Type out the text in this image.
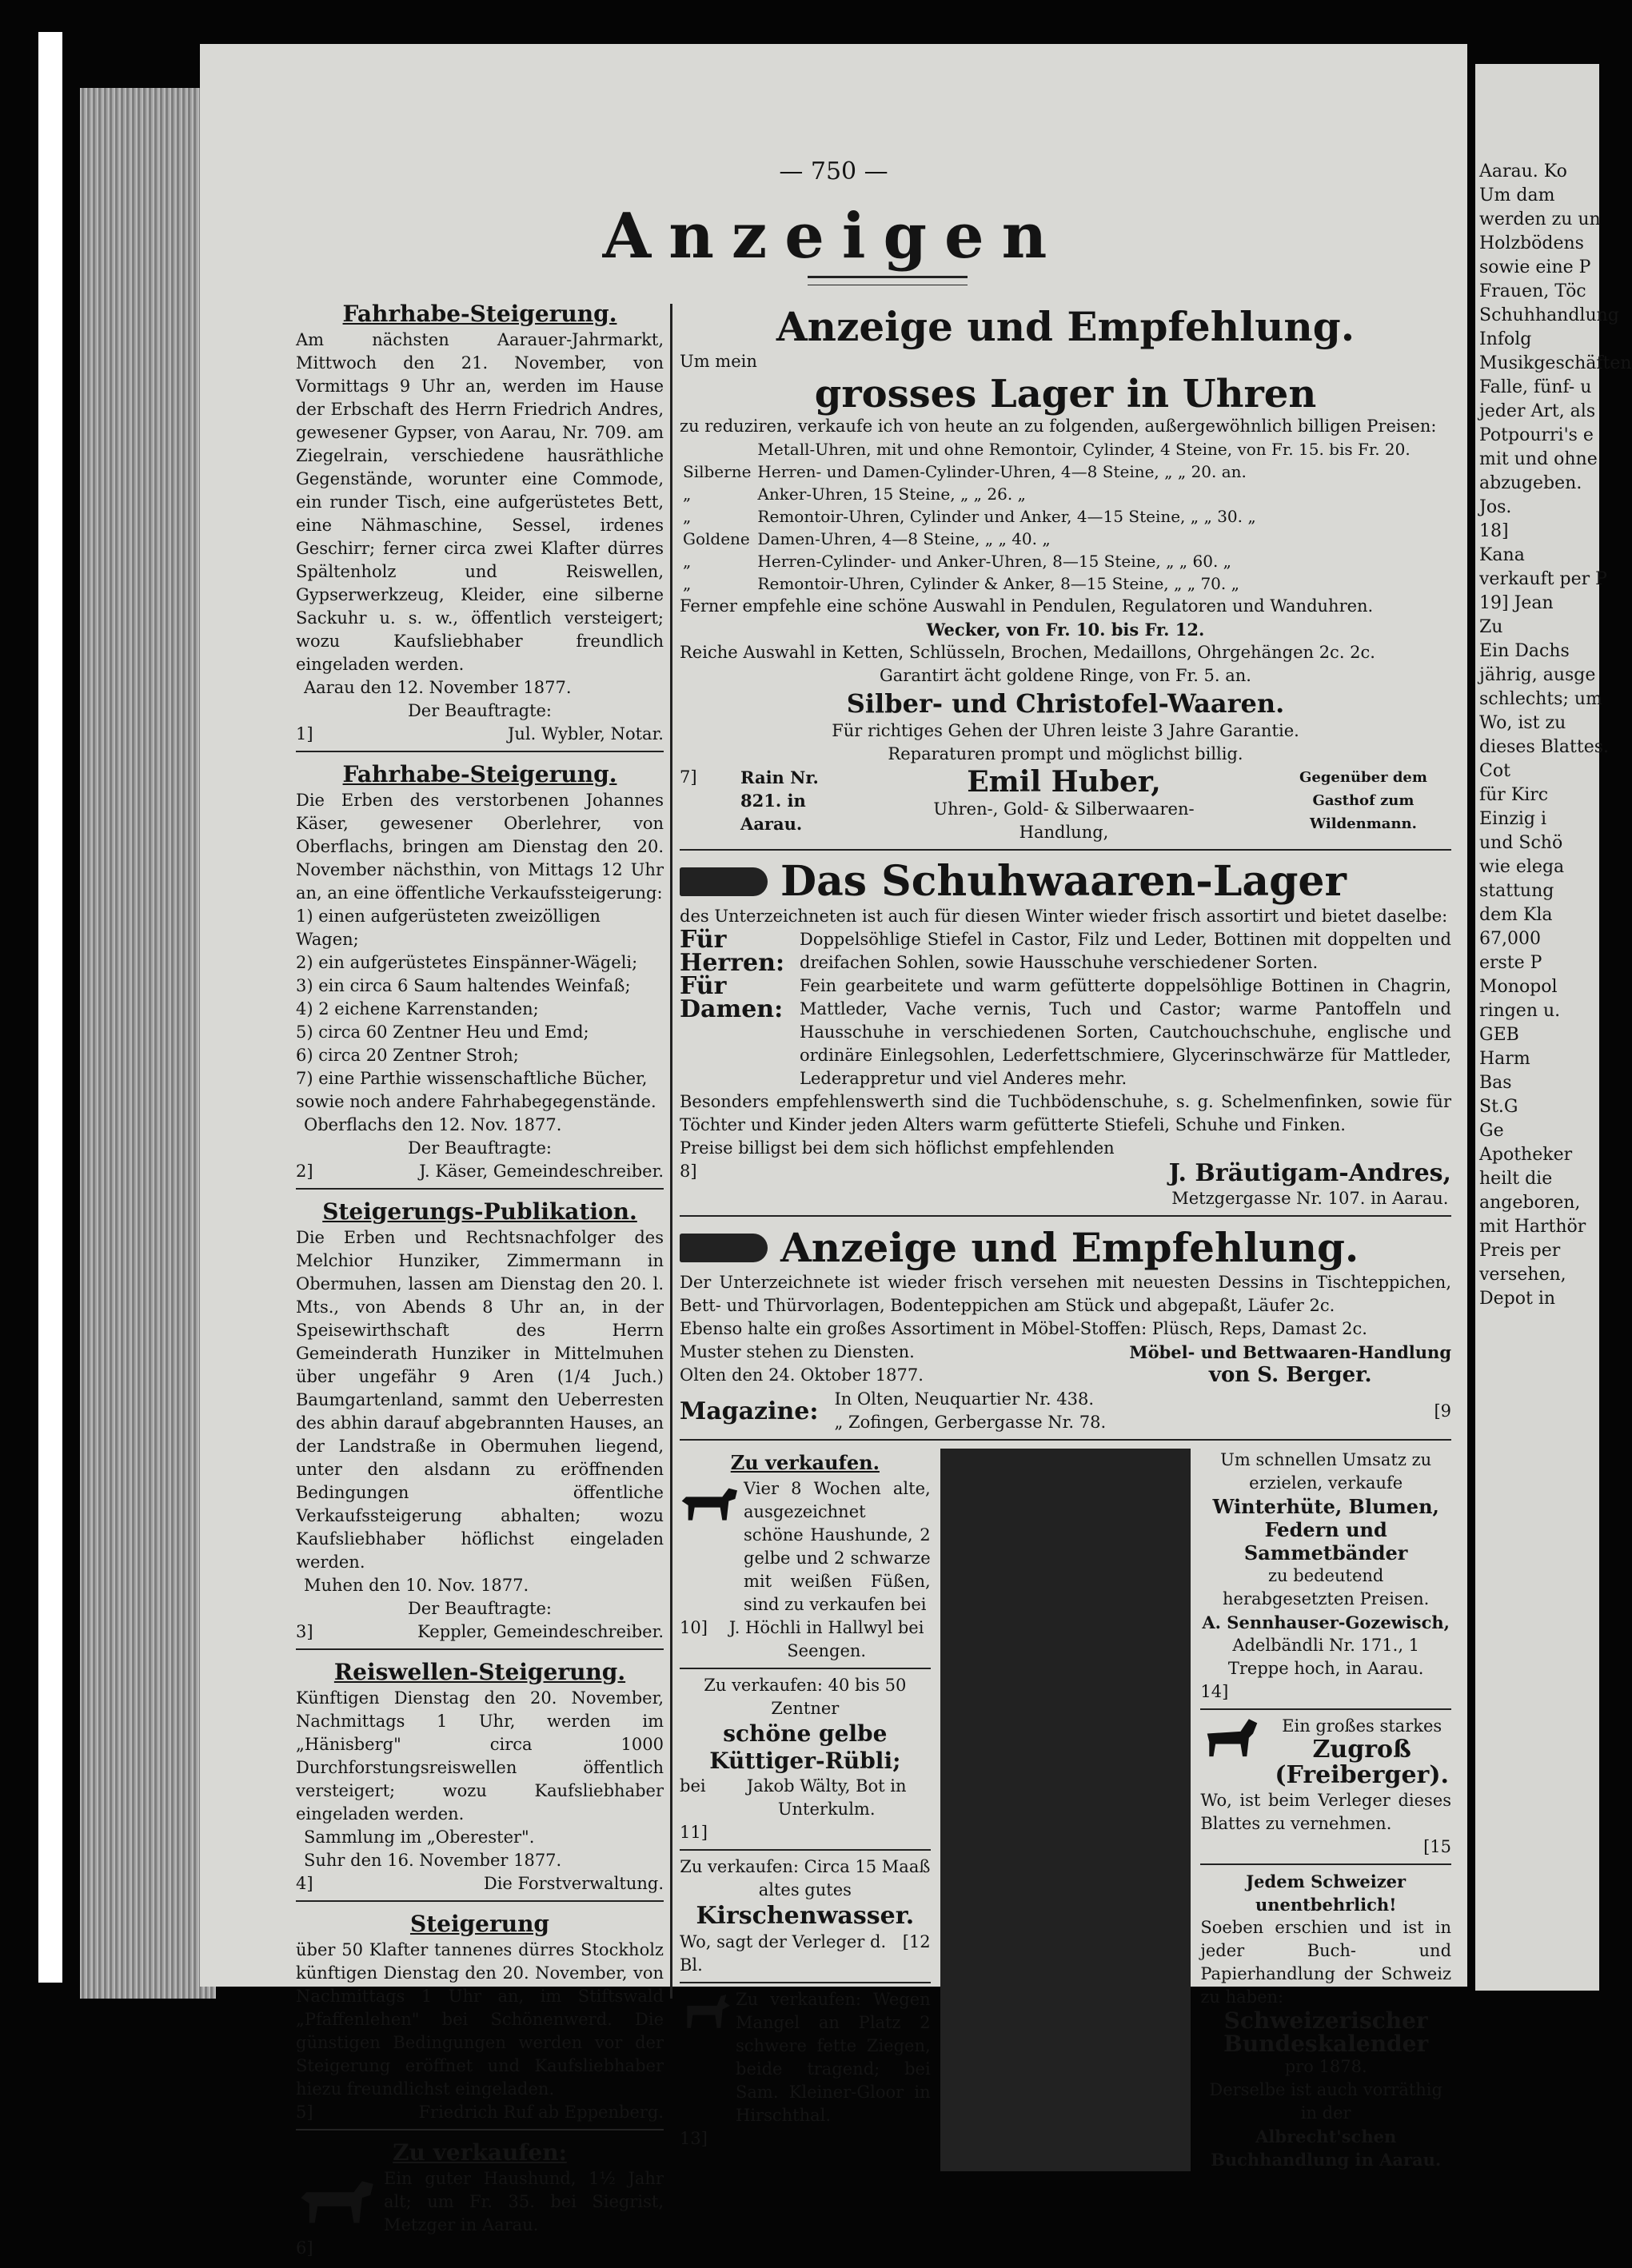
— 750 —
Anzeigen
Fahrhabe-Steigerung.

Am nächsten Aarauer-Jahrmarkt, Mittwoch den 21. November, von Vormittags 9 Uhr an, werden im Hause der Erbschaft des Herrn Friedrich Andres, gewesener Gypser, von Aarau, Nr. 709. am Ziegelrain, verschiedene hausräthliche Gegenstände, worunter eine Commode, ein runder Tisch, eine aufgerüstetes Bett, eine Nähmaschine, Sessel, irdenes Geschirr; ferner circa zwei Klafter dürres Spältenholz und Reiswellen, Gypserwerkzeug, Kleider, eine silberne Sackuhr u. s. w., öffentlich versteigert; wozu Kaufsliebhaber freundlich eingeladen werden.

Aarau den 12. November 1877.
Der Beauftragte:
1]	Jul. Wybler, Notar.
Fahrhabe-Steigerung.

Die Erben des verstorbenen Johannes Käser, gewesener Oberlehrer, von Oberflachs, bringen am Dienstag den 20. November nächsthin, von Mittags 12 Uhr an, an eine öffentliche Verkaufssteigerung:

1) einen aufgerüsteten zweizölligen Wagen;
2) ein aufgerüstetes Einspänner-Wägeli;
3) ein circa 6 Saum haltendes Weinfaß;
4) 2 eichene Karrenstanden;
5) circa 60 Zentner Heu und Emd;
6) circa 20 Zentner Stroh;
7) eine Parthie wissenschaftliche Bücher, sowie noch andere Fahrhabegegenstände.
Oberflachs den 12. Nov. 1877.
Der Beauftragte:
2]	J. Käser, Gemeindeschreiber.
Steigerungs-Publikation.

Die Erben und Rechtsnachfolger des Melchior Hunziker, Zimmermann in Obermuhen, lassen am Dienstag den 20. l. Mts., von Abends 8 Uhr an, in der Speisewirthschaft des Herrn Gemeinderath Hunziker in Mittelmuhen über ungefähr 9 Aren (1/4 Juch.) Baumgartenland, sammt den Ueberresten des abhin darauf abgebrannten Hauses, an der Landstraße in Obermuhen liegend, unter den alsdann zu eröffnenden Bedingungen öffentliche Verkaufssteigerung abhalten; wozu Kaufsliebhaber höflichst eingeladen werden.

Muhen den 10. Nov. 1877.
Der Beauftragte:
3]	Keppler, Gemeindeschreiber.
Reiswellen-Steigerung.

Künftigen Dienstag den 20. November, Nachmittags 1 Uhr, werden im „Hänisberg" circa 1000 Durchforstungsreiswellen öffentlich versteigert; wozu Kaufsliebhaber eingeladen werden.

Sammlung im „Oberester".
Suhr den 16. November 1877.
4]	Die Forstverwaltung.
Steigerung

über 50 Klafter tannenes dürres Stockholz künftigen Dienstag den 20. November, von Nachmittags 1 Uhr an, im Stiftswald „Pfaffenlehen" bei Schönenwerd. Die günstigen Bedingungen werden vor der Steigerung eröffnet und Kaufsliebhaber hiezu freundlichst eingeladen.

5]	Friedrich Ruf ab Eppenberg.
Zu verkaufen:

Ein guter Haushund, 1½ Jahr alt; um Fr. 35. bei Siegrist, Metzger in Aarau.

6]
Anzeige und Empfehlung.
Um mein
grosses Lager in Uhren
zu reduziren, verkaufe ich von heute an zu folgenden, außergewöhnlich billigen Preisen:
	Metall-Uhren, mit und ohne Remontoir, Cylinder, 4 Steine, von Fr. 15. bis Fr. 20.
Silberne	Herren- und Damen-Cylinder-Uhren, 4—8 Steine, „ „ 20. an.
„	Anker-Uhren, 15 Steine, „ „ 26. „
„	Remontoir-Uhren, Cylinder und Anker, 4—15 Steine, „ „ 30. „
Goldene	Damen-Uhren, 4—8 Steine, „ „ 40. „
„	Herren-Cylinder- und Anker-Uhren, 8—15 Steine, „ „ 60. „
„	Remontoir-Uhren, Cylinder & Anker, 8—15 Steine, „ „ 70. „
Ferner empfehle eine schöne Auswahl in Pendulen, Regulatoren und Wanduhren.
Wecker, von Fr. 10. bis Fr. 12.
Reiche Auswahl in Ketten, Schlüsseln, Brochen, Medaillons, Ohrgehängen 2c. 2c.
Garantirt ächt goldene Ringe, von Fr. 5. an.
Silber- und Christofel-Waaren.
Für richtiges Gehen der Uhren leiste 3 Jahre Garantie.
Reparaturen prompt und möglichst billig.
7]	Rain Nr. 821. in Aarau.
Emil Huber,
Uhren-, Gold- & Silberwaaren-Handlung,
Gegenüber dem Gasthof zum Wildenmann.
Das Schuhwaaren-Lager
des Unterzeichneten ist auch für diesen Winter wieder frisch assortirt und bietet daselbe:
Für Herren:

Doppelsöhlige Stiefel in Castor, Filz und Leder, Bottinen mit doppelten und dreifachen Sohlen, sowie Hausschuhe verschiedener Sorten.

Für Damen:

Fein gearbeitete und warm gefütterte doppelsöhlige Bottinen in Chagrin, Mattleder, Vache vernis, Tuch und Castor; warme Pantoffeln und Hausschuhe in verschiedenen Sorten, Cautchouchschuhe, englische und ordinäre Einlegsohlen, Lederfettschmiere, Glycerinschwärze für Mattleder, Lederappretur und viel Anderes mehr.

Besonders empfehlenswerth sind die Tuchbödenschuhe, s. g. Schelmenfinken, sowie für Töchter und Kinder jeden Alters warm gefütterte Stiefeli, Schuhe und Finken.

Preise billigst bei dem sich höflichst empfehlenden
8]	J. Bräutigam-Andres,
Metzgergasse Nr. 107. in Aarau.
Anzeige und Empfehlung.

Der Unterzeichnete ist wieder frisch versehen mit neuesten Dessins in Tischteppichen, Bett- und Thürvorlagen, Bodenteppichen am Stück und abgepaßt, Läufer 2c.

Ebenso halte ein großes Assortiment in Möbel-Stoffen: Plüsch, Reps, Damast 2c.

Muster stehen zu Diensten.
Olten den 24. Oktober 1877.
Möbel- und Bettwaaren-Handlung
von S. Berger.
Magazine: In Olten, Neuquartier Nr. 438.
„ Zofingen, Gerbergasse Nr. 78.
[9
Zu verkaufen.

Vier 8 Wochen alte, ausgezeichnet schöne Haushunde, 2 gelbe und 2 schwarze mit weißen Füßen, sind zu verkaufen bei

10]	J. Höchli in Hallwyl bei Seengen.
Zu verkaufen: 40 bis 50 Zentner
schöne gelbe Küttiger-Rübli;
bei	Jakob Wälty, Bot in Unterkulm.
11]
Zu verkaufen: Circa 15 Maaß altes gutes
Kirschenwasser.
Wo, sagt der Verleger d. Bl.
[12

Zu verkaufen: Wegen Mangel an Platz 2 schwere fette Ziegen, beide tragend; bei Sam. Kleiner-Gloor in Hirschthal.

13]
Um schnellen Umsatz zu erzielen, verkaufe
Winterhüte, Blumen, Federn und Sammetbänder
zu bedeutend herabgesetzten Preisen.
A. Sennhauser-Gozewisch,
Adelbändli Nr. 171., 1 Treppe hoch, in Aarau.
14]
Ein großes starkes
Zugroß (Freiberger).

Wo, ist beim Verleger dieses Blattes zu vernehmen.

[15
Jedem Schweizer unentbehrlich!

Soeben erschien und ist in jeder Buch- und Papierhandlung der Schweiz zu haben:

Schweizerischer Bundeskalender
pro 1878.
Derselbe ist auch vorräthig in der
Albrecht'schen Buchhandlung in Aarau.
Aarau. Ko
Um dam
werden zu un
Holzbödens
sowie eine P
Frauen, Töc
Schuhhandlung
Infolg
Musikgeschäften
Falle, fünf- u
jeder Art, als
Potpourri's e
mit und ohne
abzugeben.
Jos.
18]
Kana
verkauft per P
19] Jean
Zu
Ein Dachs
jährig, ausge
schlechts; um
Wo, ist zu
dieses Blattes.
Cot
für Kirc
Einzig i
und Schö
wie elega
stattung
dem Kla
67,000
erste P
Monopol
ringen u.
GEB
Harm
Bas
St.G
Ge
Apotheker
heilt die
angeboren,
mit Harthör
Preis per
versehen,
Depot in
